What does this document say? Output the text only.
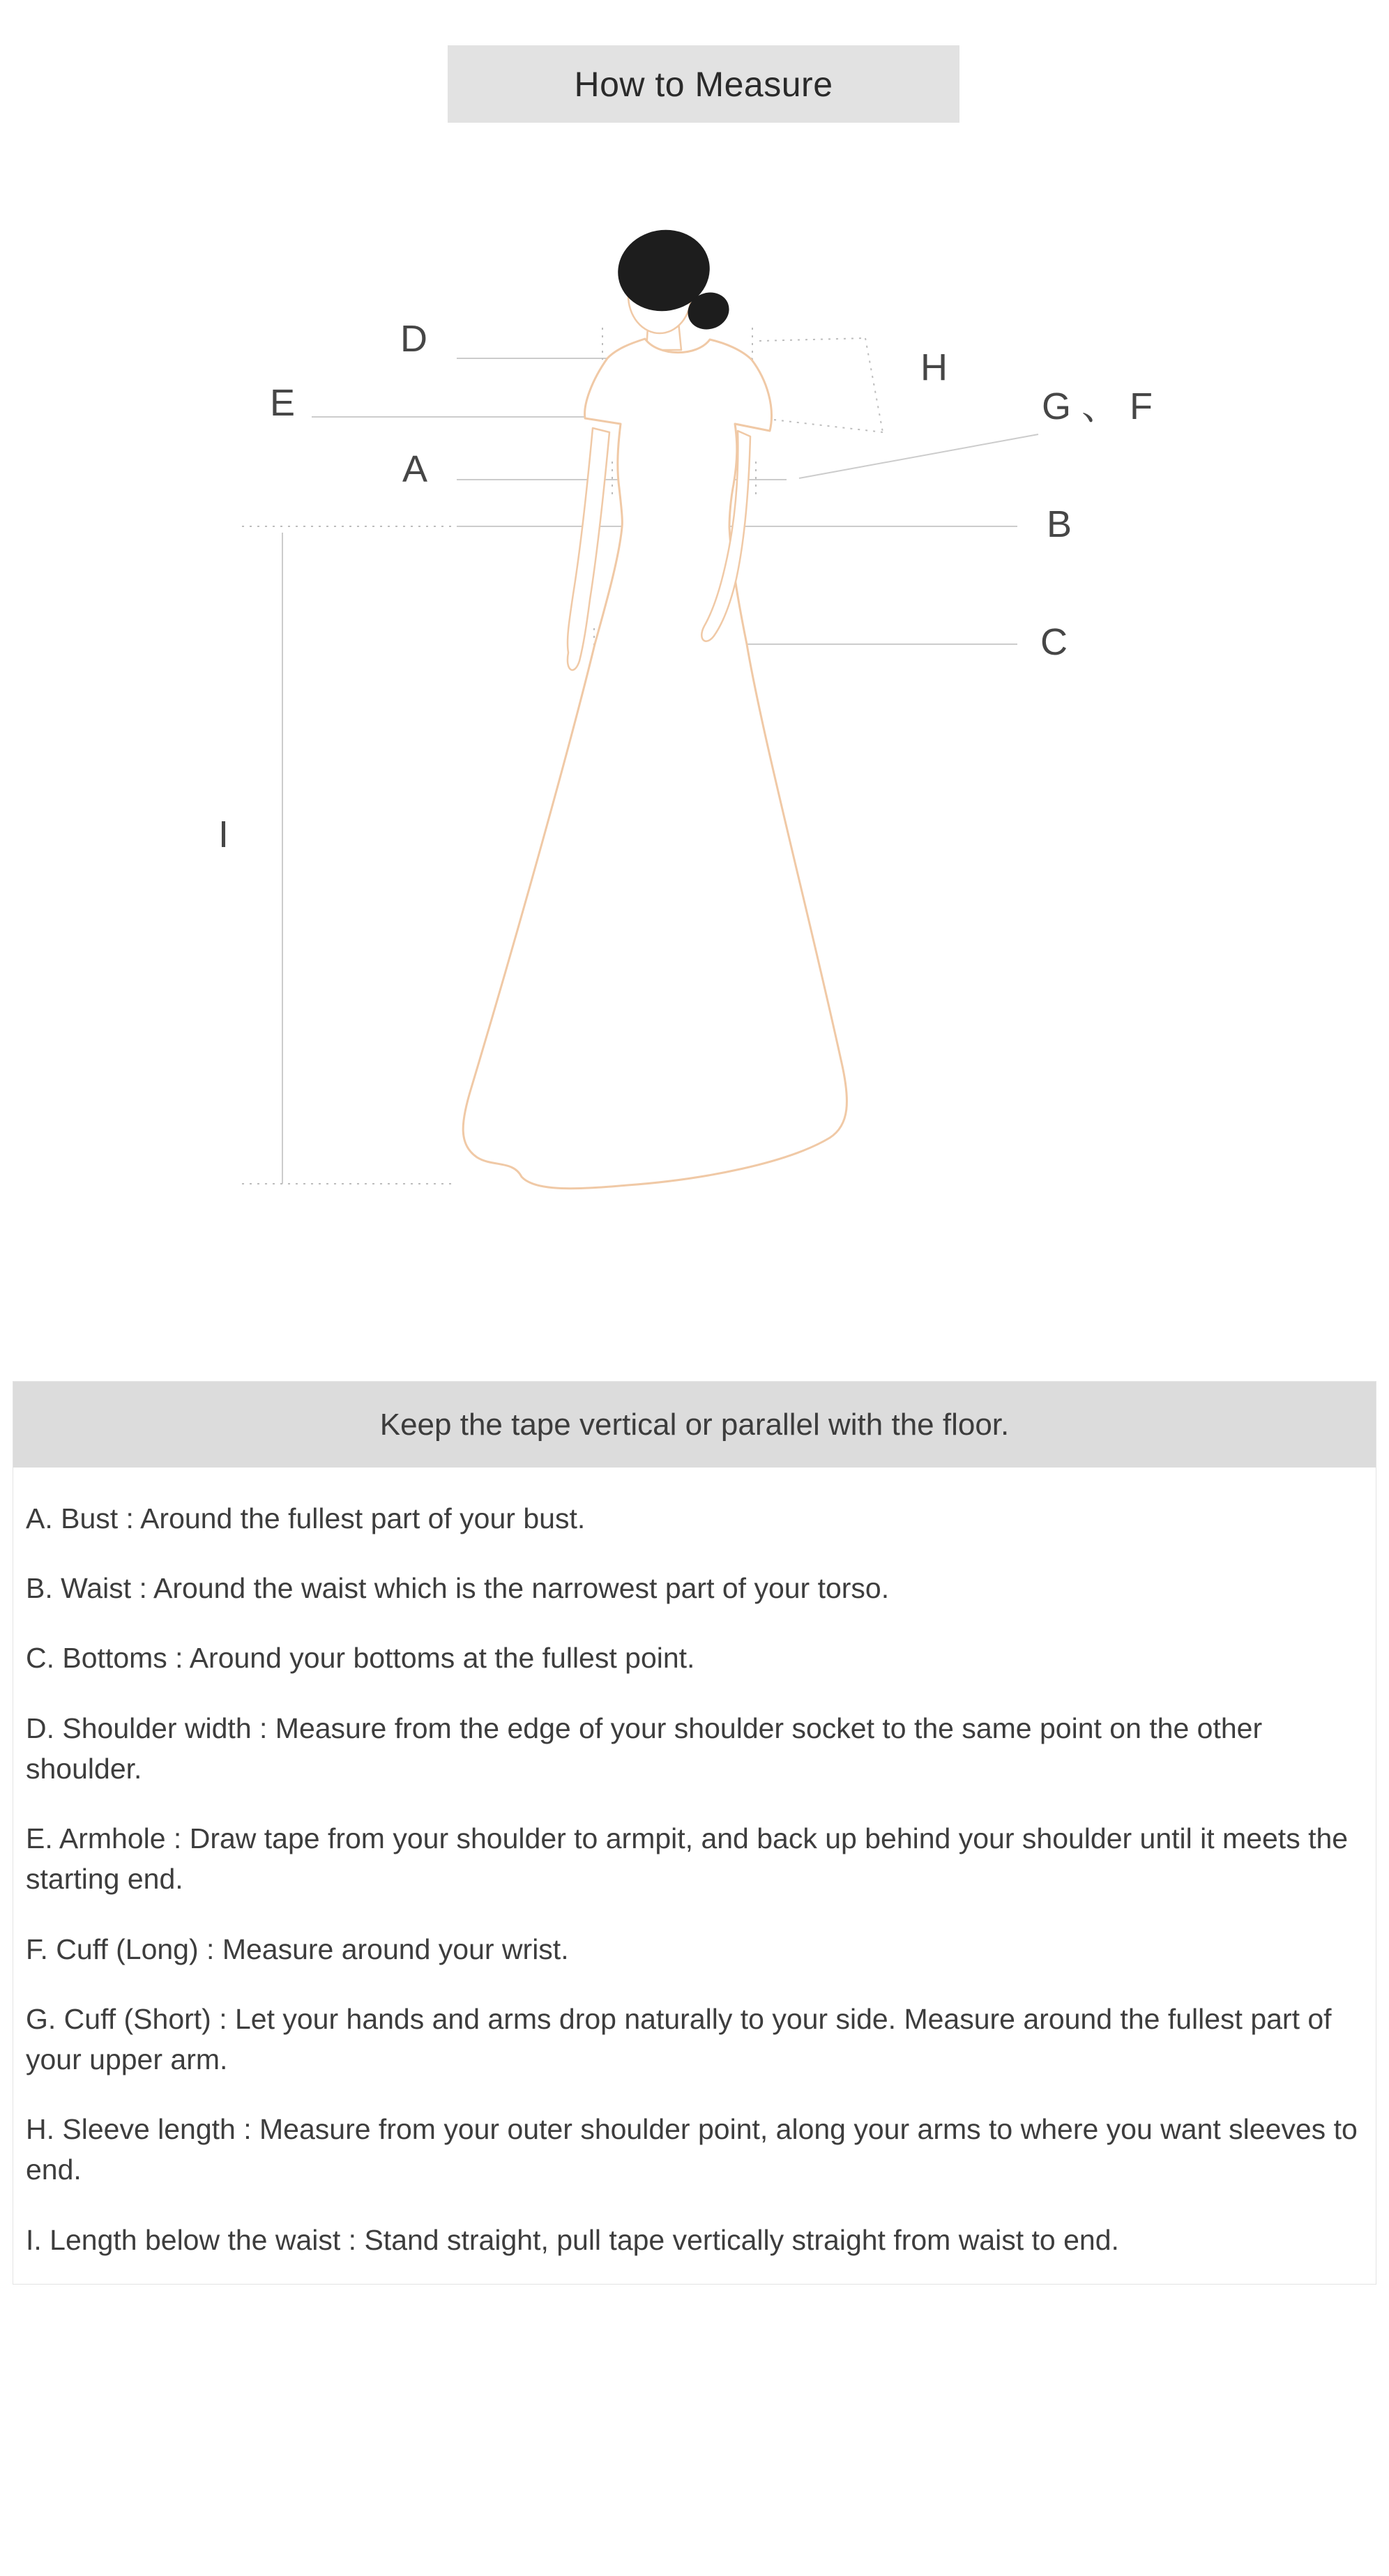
How to Measure
D
E
A
H
G 、 F
B
C
I
Keep the tape vertical or parallel with the floor.

A. Bust : Around the fullest part of your bust.

B. Waist : Around the waist which is the narrowest part of your torso.

C. Bottoms : Around your bottoms at the fullest point.

D. Shoulder width : Measure from the edge of your shoulder socket to the same point on the other shoulder.

E. Armhole : Draw tape from your shoulder to armpit, and back up behind your shoulder until it meets the starting end.

F. Cuff (Long) : Measure around your wrist.

G. Cuff (Short) : Let your hands and arms drop naturally to your side. Measure around the fullest part of your upper arm.

H. Sleeve length : Measure from your outer shoulder point, along your arms to where you want sleeves to end.

I. Length below the waist : Stand straight, pull tape vertically straight from waist to end.
